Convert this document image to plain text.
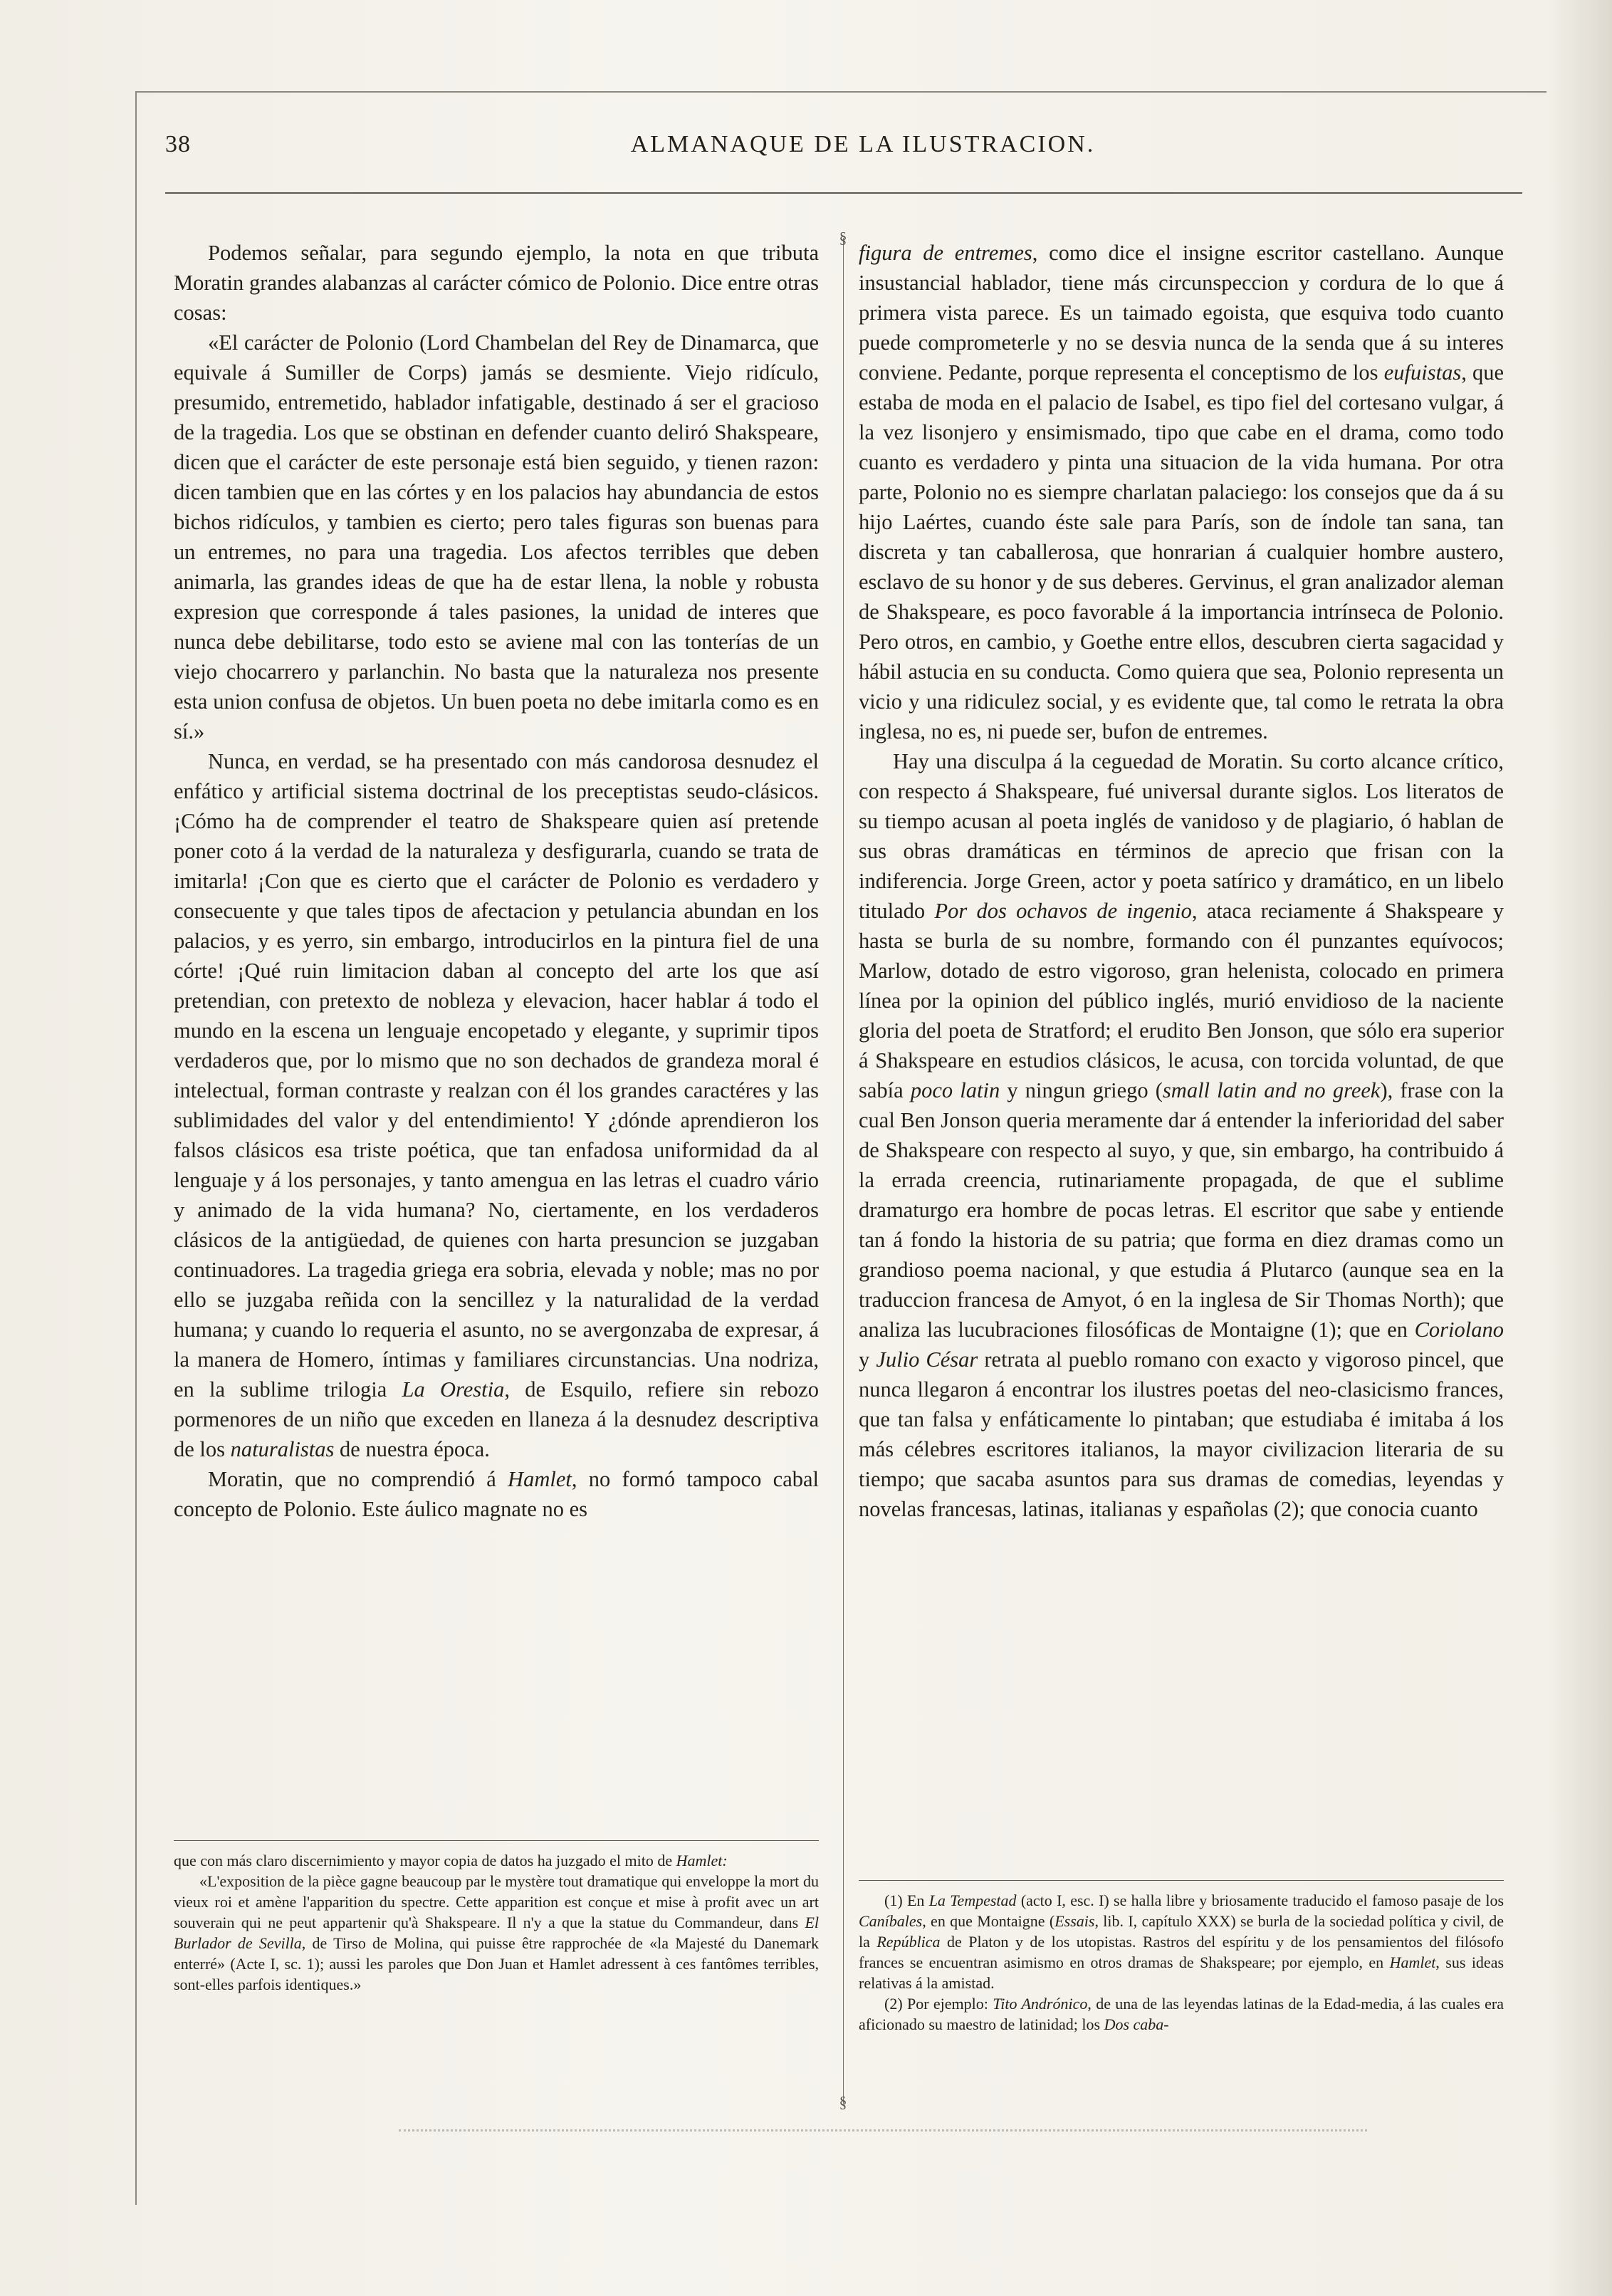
38	ALMANAQUE DE LA ILUSTRACION.

Podemos señalar, para segundo ejemplo, la nota en que tributa Moratin grandes alabanzas al carácter cómico de Polonio. Dice entre otras cosas:

«El carácter de Polonio (Lord Chambelan del Rey de Dinamarca, que equivale á Sumiller de Corps) jamás se desmiente. Viejo ridículo, presumido, entremetido, hablador infatigable, destinado á ser el gracioso de la tragedia. Los que se obstinan en defender cuanto deliró Shakspeare, dicen que el carácter de este personaje está bien seguido, y tienen razon: dicen tambien que en las córtes y en los palacios hay abundancia de estos bichos ridículos, y tambien es cierto; pero tales figuras son buenas para un entremes, no para una tragedia. Los afectos terribles que deben animarla, las grandes ideas de que ha de estar llena, la noble y robusta expresion que corresponde á tales pasiones, la unidad de interes que nunca debe debilitarse, todo esto se aviene mal con las tonterías de un viejo chocarrero y parlanchin. No basta que la naturaleza nos presente esta union confusa de objetos. Un buen poeta no debe imitarla como es en sí.»

Nunca, en verdad, se ha presentado con más candorosa desnudez el enfático y artificial sistema doctrinal de los preceptistas seudo-clásicos. ¡Cómo ha de comprender el teatro de Shakspeare quien así pretende poner coto á la verdad de la naturaleza y desfigurarla, cuando se trata de imitarla! ¡Con que es cierto que el carácter de Polonio es verdadero y consecuente y que tales tipos de afectacion y petulancia abundan en los palacios, y es yerro, sin embargo, introducirlos en la pintura fiel de una córte! ¡Qué ruin limitacion daban al concepto del arte los que así pretendian, con pretexto de nobleza y elevacion, hacer hablar á todo el mundo en la escena un lenguaje encopetado y elegante, y suprimir tipos verdaderos que, por lo mismo que no son dechados de grandeza moral é intelectual, forman contraste y realzan con él los grandes caractéres y las sublimidades del valor y del entendimiento! Y ¿dónde aprendieron los falsos clásicos esa triste poética, que tan enfadosa uniformidad da al lenguaje y á los personajes, y tanto amengua en las letras el cuadro vário y animado de la vida humana? No, ciertamente, en los verdaderos clásicos de la antigüedad, de quienes con harta presuncion se juzgaban continuadores. La tragedia griega era sobria, elevada y noble; mas no por ello se juzgaba reñida con la sencillez y la naturalidad de la verdad humana; y cuando lo requeria el asunto, no se avergonzaba de expresar, á la manera de Homero, íntimas y familiares circunstancias. Una nodriza, en la sublime trilogia La Orestia, de Esquilo, refiere sin rebozo pormenores de un niño que exceden en llaneza á la desnudez descriptiva de los naturalistas de nuestra época.

Moratin, que no comprendió á Hamlet, no formó tampoco cabal concepto de Polonio. Este áulico magnate no es

que con más claro discernimiento y mayor copia de datos ha juzgado el mito de Hamlet:

«L'exposition de la pièce gagne beaucoup par le mystère tout dramatique qui enveloppe la mort du vieux roi et amène l'apparition du spectre. Cette apparition est conçue et mise à profit avec un art souverain qui ne peut appartenir qu'à Shakspeare. Il n'y a que la statue du Commandeur, dans El Burlador de Sevilla, de Tirso de Molina, qui puisse être rapprochée de «la Majesté du Danemark enterré» (Acte I, sc. 1); aussi les paroles que Don Juan et Hamlet adressent à ces fantômes terribles, sont-elles parfois identiques.»

§
§

figura de entremes, como dice el insigne escritor castellano. Aunque insustancial hablador, tiene más circunspeccion y cordura de lo que á primera vista parece. Es un taimado egoista, que esquiva todo cuanto puede comprometerle y no se desvia nunca de la senda que á su interes conviene. Pedante, porque representa el conceptismo de los eufuistas, que estaba de moda en el palacio de Isabel, es tipo fiel del cortesano vulgar, á la vez lisonjero y ensimismado, tipo que cabe en el drama, como todo cuanto es verdadero y pinta una situacion de la vida humana. Por otra parte, Polonio no es siempre charlatan palaciego: los consejos que da á su hijo Laértes, cuando éste sale para París, son de índole tan sana, tan discreta y tan caballerosa, que honrarian á cualquier hombre austero, esclavo de su honor y de sus deberes. Gervinus, el gran analizador aleman de Shakspeare, es poco favorable á la importancia intrínseca de Polonio. Pero otros, en cambio, y Goethe entre ellos, descubren cierta sagacidad y hábil astucia en su conducta. Como quiera que sea, Polonio representa un vicio y una ridiculez social, y es evidente que, tal como le retrata la obra inglesa, no es, ni puede ser, bufon de entremes.

Hay una disculpa á la ceguedad de Moratin. Su corto alcance crítico, con respecto á Shakspeare, fué universal durante siglos. Los literatos de su tiempo acusan al poeta inglés de vanidoso y de plagiario, ó hablan de sus obras dramáticas en términos de aprecio que frisan con la indiferencia. Jorge Green, actor y poeta satírico y dramático, en un libelo titulado Por dos ochavos de ingenio, ataca reciamente á Shakspeare y hasta se burla de su nombre, formando con él punzantes equívocos; Marlow, dotado de estro vigoroso, gran helenista, colocado en primera línea por la opinion del público inglés, murió envidioso de la naciente gloria del poeta de Stratford; el erudito Ben Jonson, que sólo era superior á Shakspeare en estudios clásicos, le acusa, con torcida voluntad, de que sabía poco latin y ningun griego (small latin and no greek), frase con la cual Ben Jonson queria meramente dar á entender la inferioridad del saber de Shakspeare con respecto al suyo, y que, sin embargo, ha contribuido á la errada creencia, rutinariamente propagada, de que el sublime dramaturgo era hombre de pocas letras. El escritor que sabe y entiende tan á fondo la historia de su patria; que forma en diez dramas como un grandioso poema nacional, y que estudia á Plutarco (aunque sea en la traduccion francesa de Amyot, ó en la inglesa de Sir Thomas North); que analiza las lucubraciones filosóficas de Montaigne (1); que en Coriolano y Julio César retrata al pueblo romano con exacto y vigoroso pincel, que nunca llegaron á encontrar los ilustres poetas del neo-clasicismo frances, que tan falsa y enfáticamente lo pintaban; que estudiaba é imitaba á los más célebres escritores italianos, la mayor civilizacion literaria de su tiempo; que sacaba asuntos para sus dramas de comedias, leyendas y novelas francesas, latinas, italianas y españolas (2); que conocia cuanto

(1) En La Tempestad (acto I, esc. I) se halla libre y briosamente traducido el famoso pasaje de los Caníbales, en que Montaigne (Essais, lib. I, capítulo XXX) se burla de la sociedad política y civil, de la República de Platon y de los utopistas. Rastros del espíritu y de los pensamientos del filósofo frances se encuentran asimismo en otros dramas de Shakspeare; por ejemplo, en Hamlet, sus ideas relativas á la amistad.

(2) Por ejemplo: Tito Andrónico, de una de las leyendas latinas de la Edad-media, á las cuales era aficionado su maestro de latinidad; los Dos caba-
